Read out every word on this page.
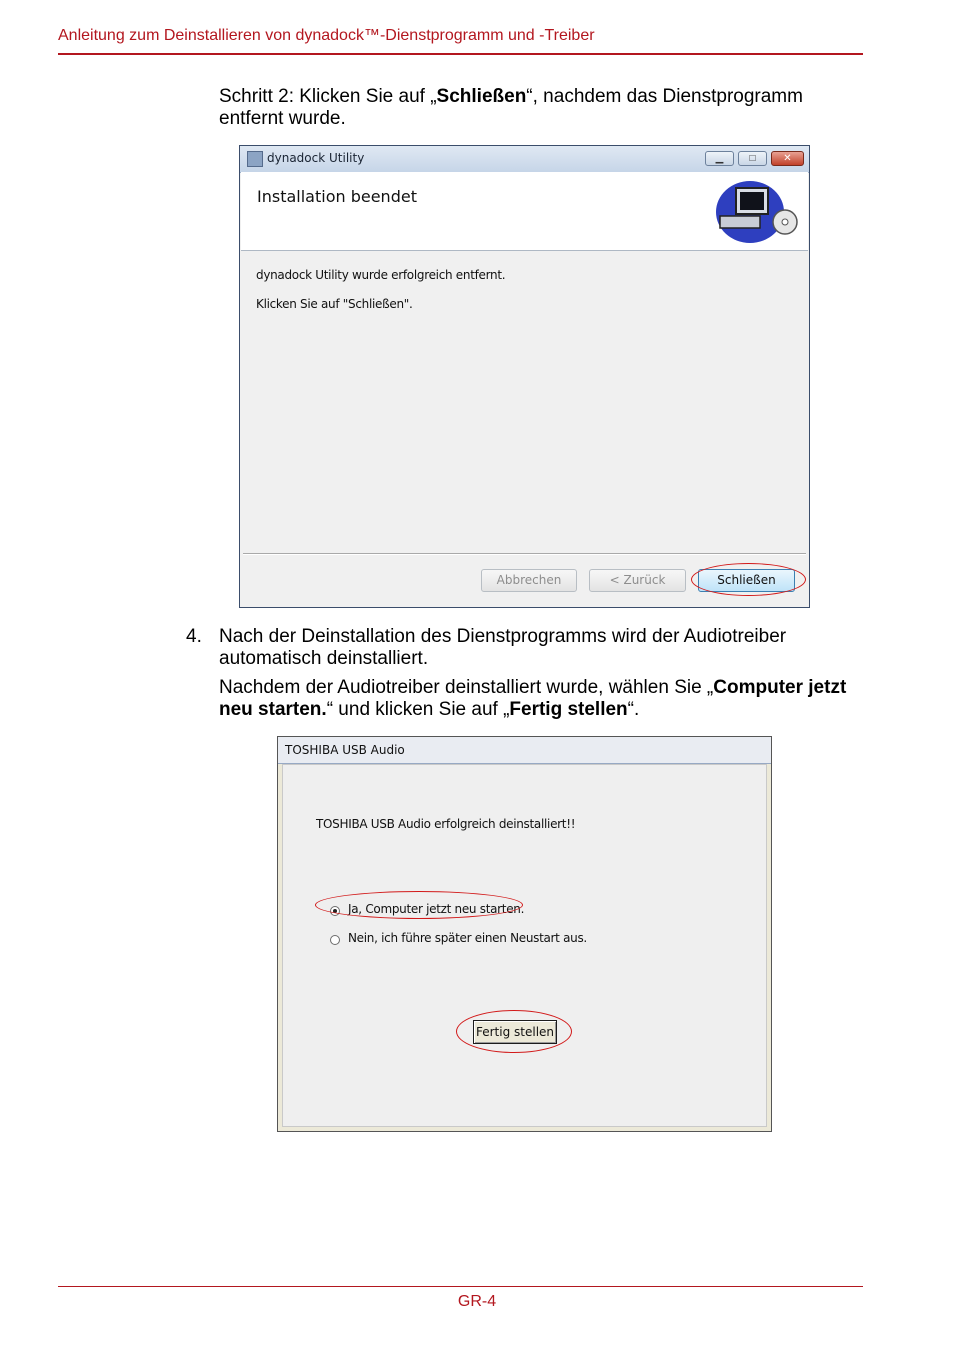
Anleitung zum Deinstallieren von dynadock™-Dienstprogramm und -Treiber
Schritt 2: Klicken Sie auf „Schließen“, nachdem das Dienstprogramm entfernt wurde.
dynadock Utility	▁	□	✕
Installation beendet
dynadock Utility wurde erfolgreich entfernt.
Klicken Sie auf "Schließen".
Abbrechen	< Zurück	Schließen
4. Nach der Deinstallation des Dienstprogramms wird der Audiotreiber automatisch deinstalliert.
Nachdem der Audiotreiber deinstalliert wurde, wählen Sie „Computer jetzt neu starten.“ und klicken Sie auf „Fertig stellen“.
TOSHIBA USB Audio
TOSHIBA USB Audio erfolgreich deinstalliert!!
Ja, Computer jetzt neu starten.
Nein, ich führe später einen Neustart aus.
Fertig stellen
GR-4
